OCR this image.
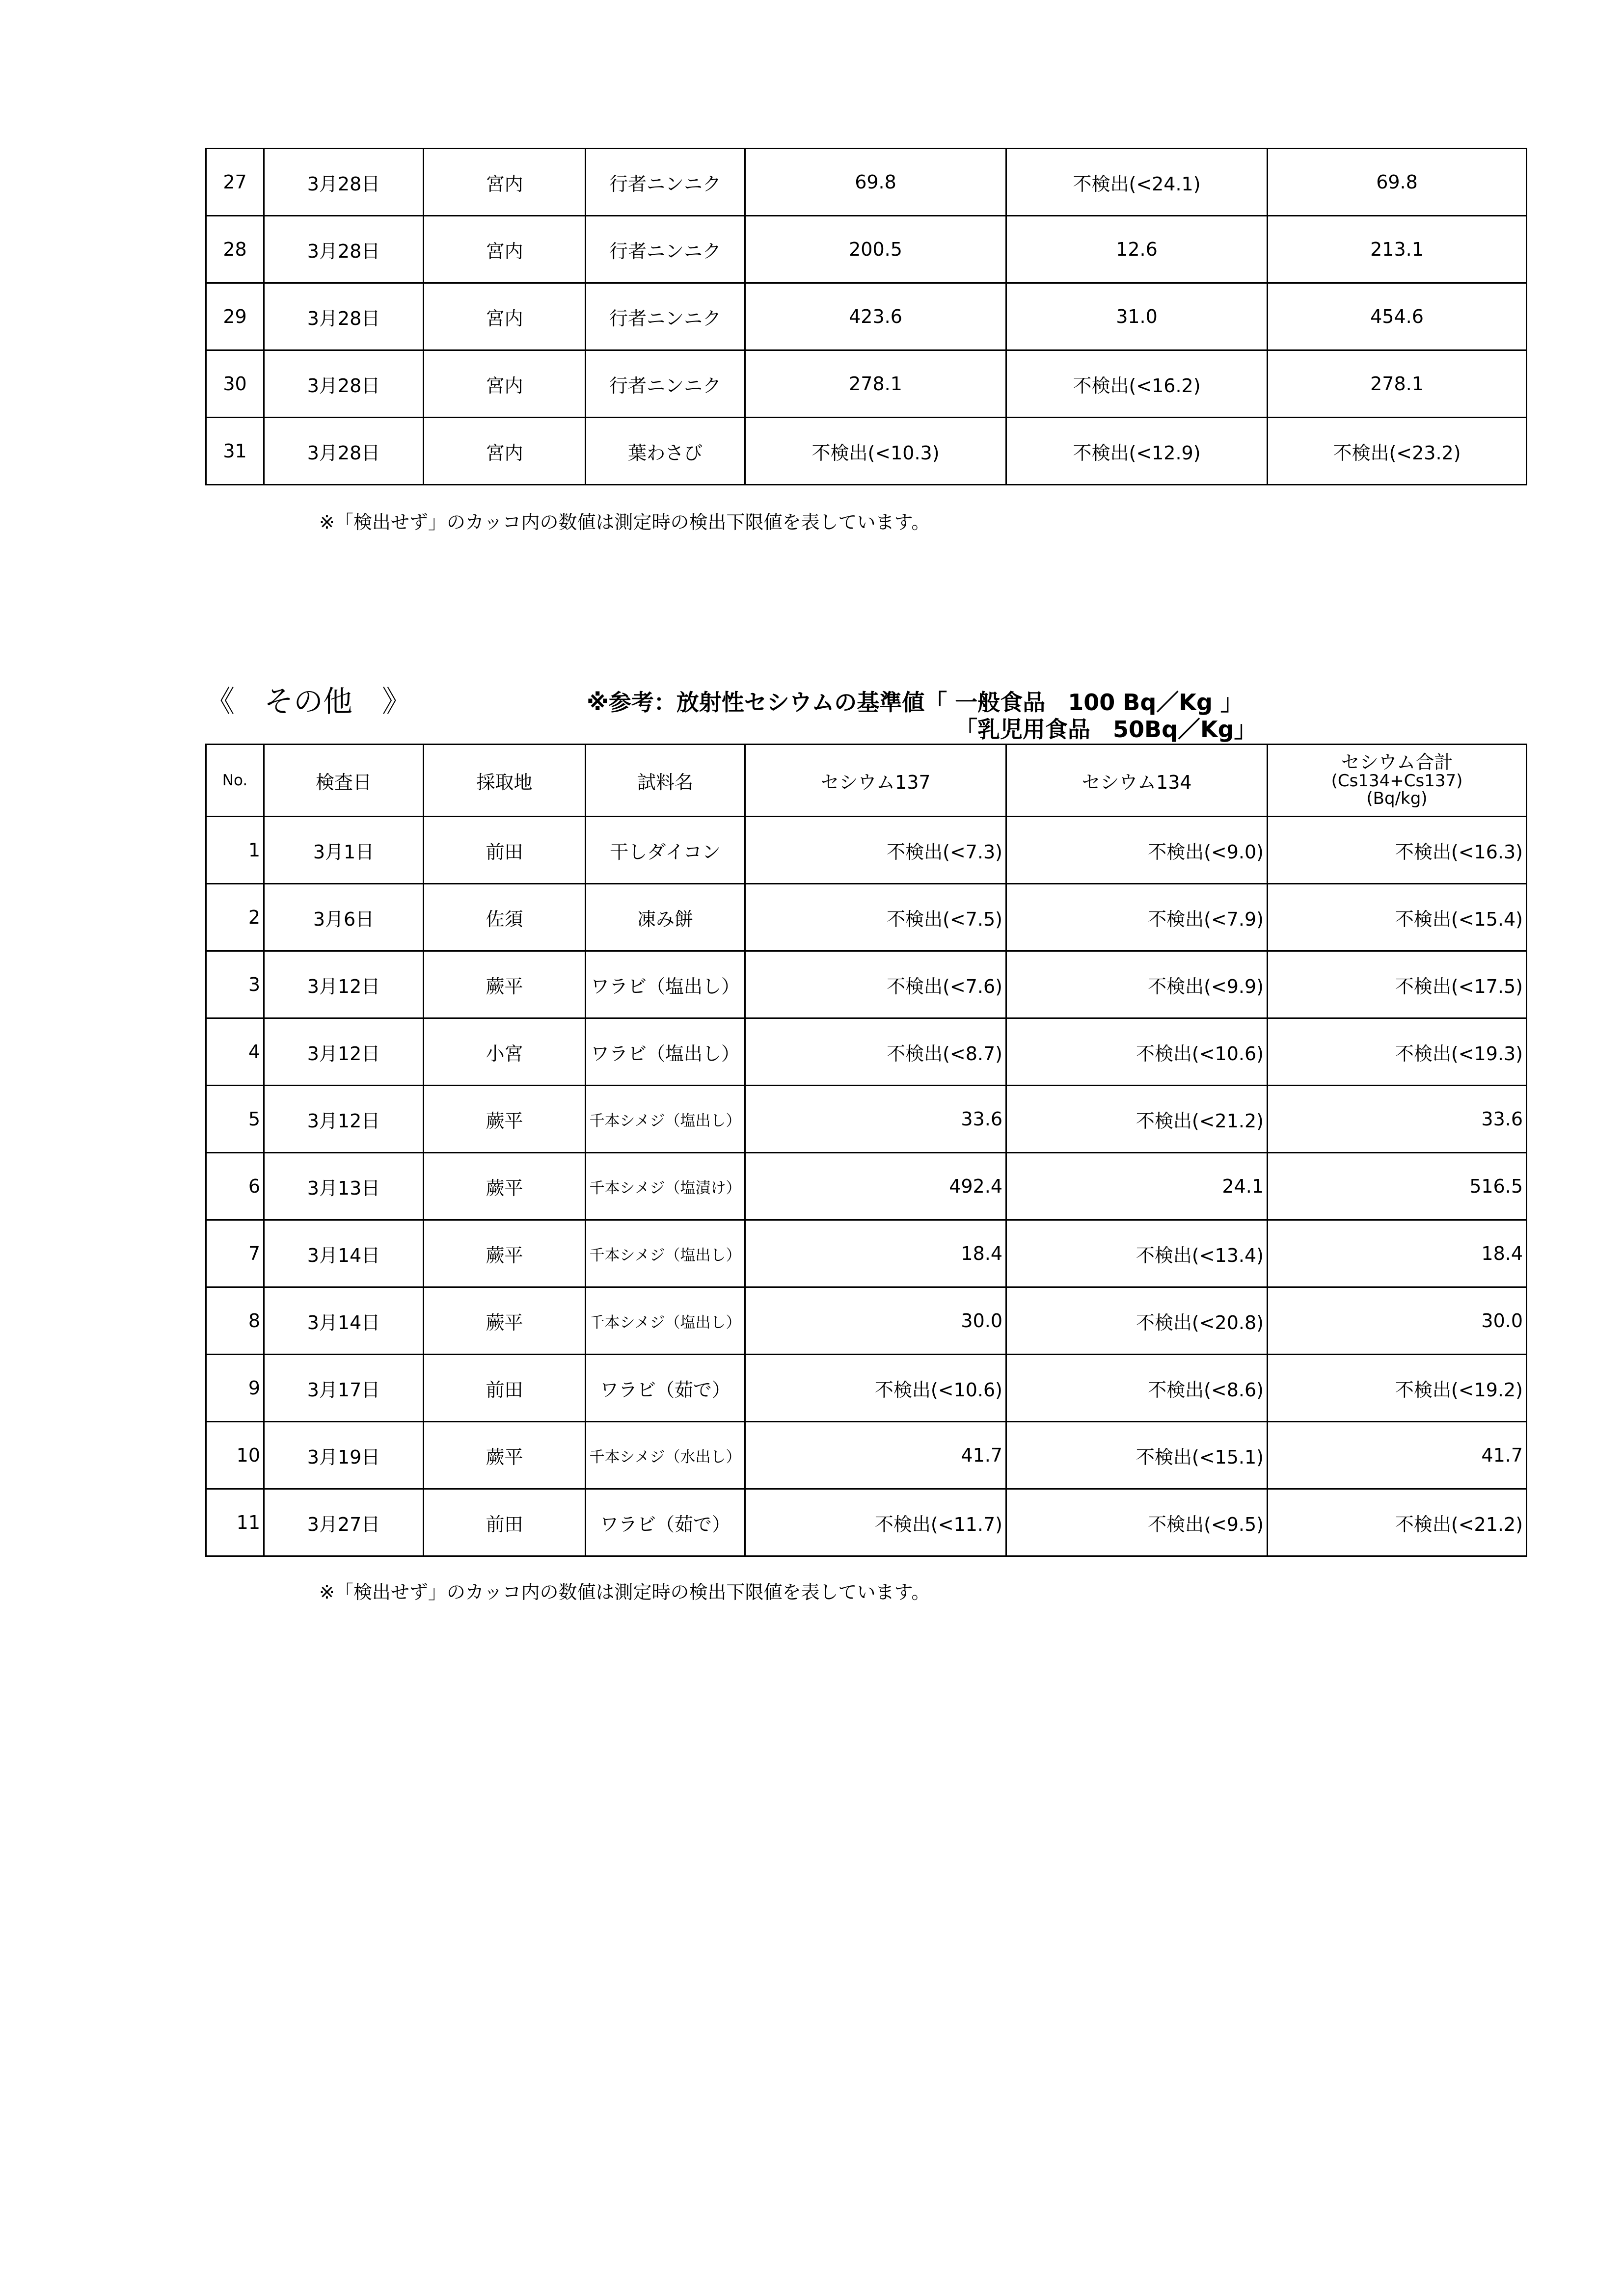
27	3月28日	宮内	行者ニンニク	69.8	不検出(<24.1)	69.8
28	3月28日	宮内	行者ニンニク	200.5	12.6	213.1
29	3月28日	宮内	行者ニンニク	423.6	31.0	454.6
30	3月28日	宮内	行者ニンニク	278.1	不検出(<16.2)	278.1
31	3月28日	宮内	葉わさび	不検出(<10.3)	不検出(<12.9)	不検出(<23.2)
※「検出せず」のカッコ内の数値は測定時の検出下限値を表しています。
《　その他　》	※参考：放射性セシウムの基準値「 一般食品　100 Bq／Kg 」
「乳児用食品　50Bq／Kg」
No.	検査日	採取地	試料名	セシウム137	セシウム134	セシウム合計
(Cs134+Cs137)
(Bq/kg)

1	3月1日	前田	干しダイコン	不検出(<7.3)	不検出(<9.0)	不検出(<16.3)
2	3月6日	佐須	凍み餅	不検出(<7.5)	不検出(<7.9)	不検出(<15.4)
3	3月12日	蕨平	ワラビ（塩出し）	不検出(<7.6)	不検出(<9.9)	不検出(<17.5)
4	3月12日	小宮	ワラビ（塩出し）	不検出(<8.7)	不検出(<10.6)	不検出(<19.3)
5	3月12日	蕨平	千本シメジ（塩出し）	33.6	不検出(<21.2)	33.6
6	3月13日	蕨平	千本シメジ（塩漬け）	492.4	24.1	516.5
7	3月14日	蕨平	千本シメジ（塩出し）	18.4	不検出(<13.4)	18.4
8	3月14日	蕨平	千本シメジ（塩出し）	30.0	不検出(<20.8)	30.0
9	3月17日	前田	ワラビ（茹で）	不検出(<10.6)	不検出(<8.6)	不検出(<19.2)
10	3月19日	蕨平	千本シメジ（水出し）	41.7	不検出(<15.1)	41.7
11	3月27日	前田	ワラビ（茹で）	不検出(<11.7)	不検出(<9.5)	不検出(<21.2)
※「検出せず」のカッコ内の数値は測定時の検出下限値を表しています。
